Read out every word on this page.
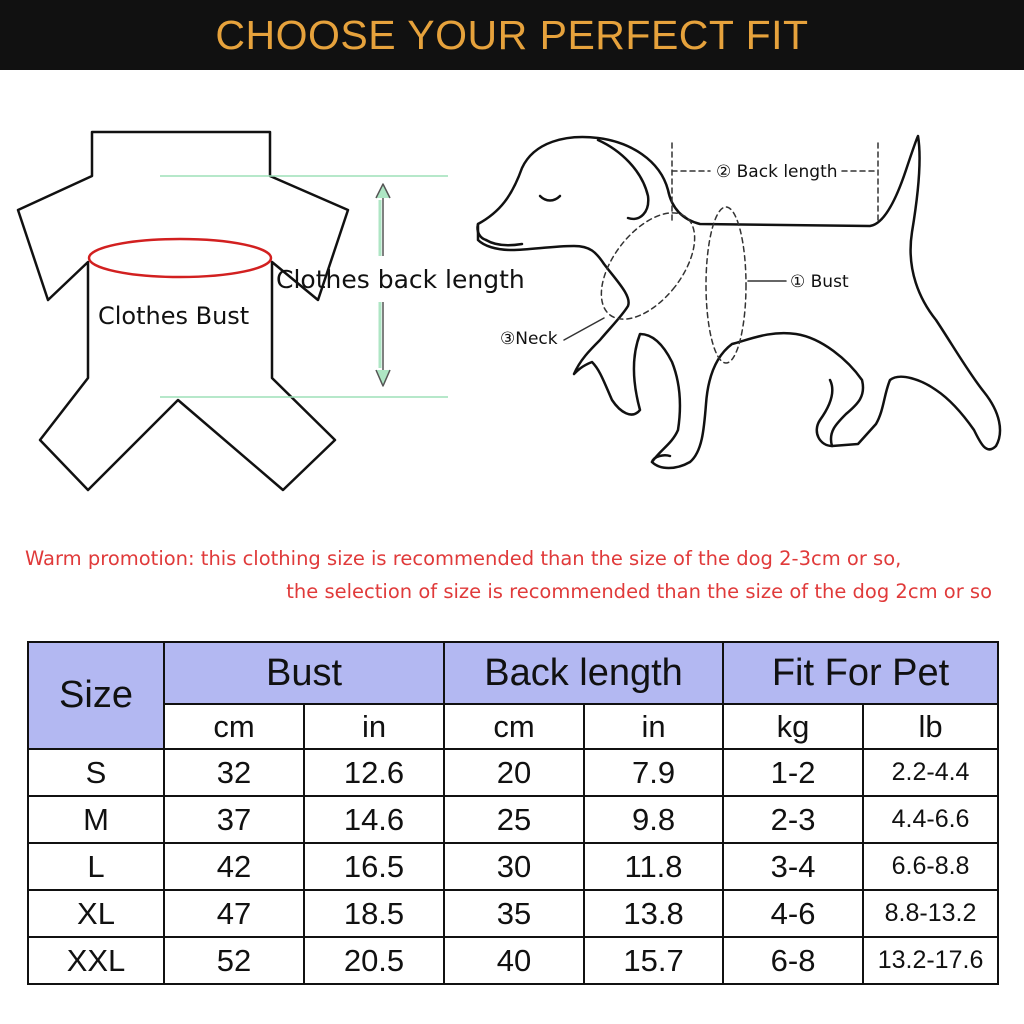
CHOOSE YOUR PERFECT FIT
Clothes back length
Clothes Bust
② Back length
① Bust
③Neck
Warm promotion: this clothing size is recommended than the size of the dog 2-3cm or so,
the selection of size is recommended than the size of the dog 2cm or so
Size	Bust		Back length		Fit For Pet	
	cm	in	cm	in	kg	lb
S	32	12.6	20	7.9	1-2	2.2-4.4
M	37	14.6	25	9.8	2-3	4.4-6.6
L	42	16.5	30	11.8	3-4	6.6-8.8
XL	47	18.5	35	13.8	4-6	8.8-13.2
XXL	52	20.5	40	15.7	6-8	13.2-17.6
